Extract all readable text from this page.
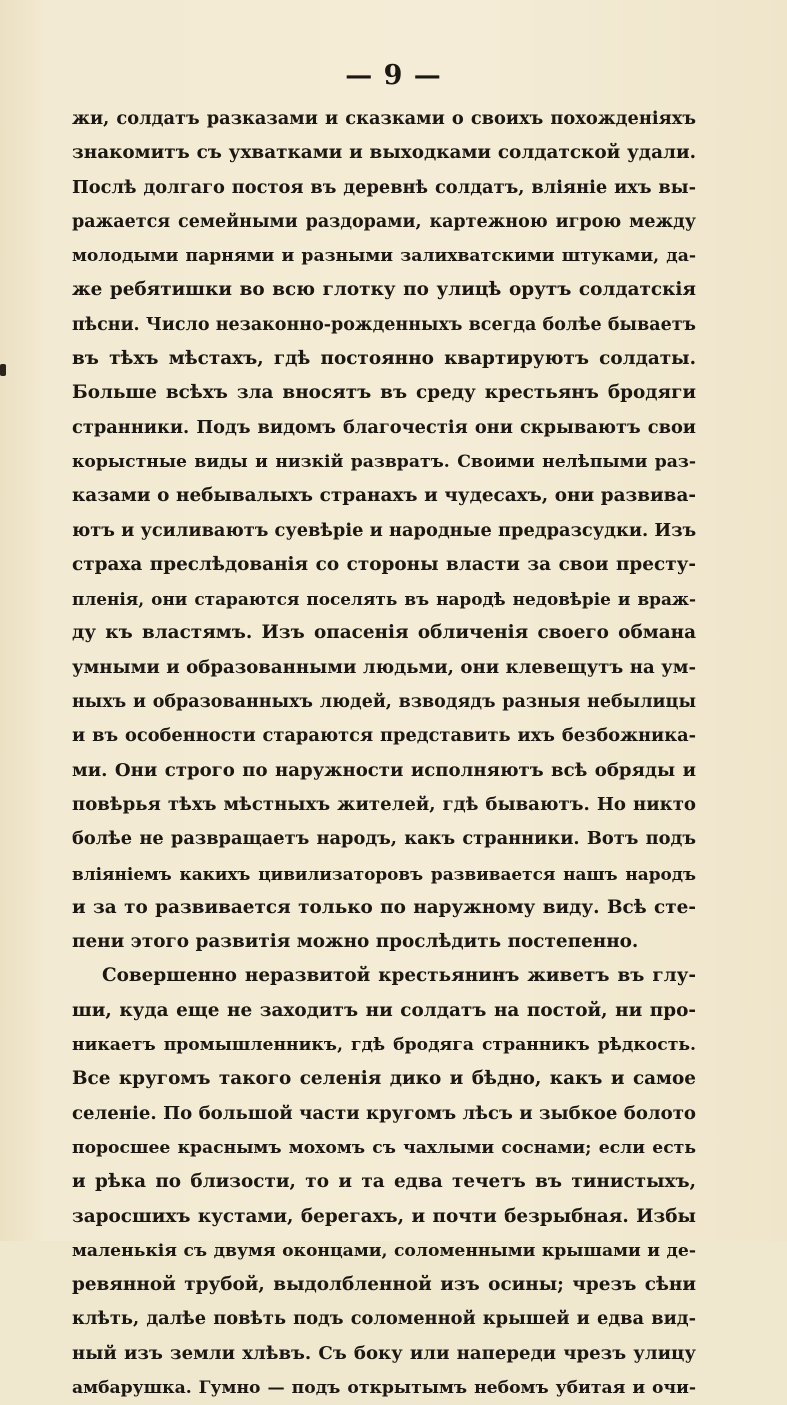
— 9 —
жи, солдатъ разказами и сказками о своихъ похожденіяхъ
знакомитъ съ ухватками и выходками солдатской удали.
Послѣ долгаго постоя въ деревнѣ солдатъ, вліяніе ихъ вы-
ражается семейными раздорами, картежною игрою между
молодыми парнями и разными залихватскими штуками, да-
же ребятишки во всю глотку по улицѣ орутъ солдатскія
пѣсни. Число незаконно-рожденныхъ всегда болѣе бываетъ
въ тѣхъ мѣстахъ, гдѣ постоянно квартируютъ солдаты.
Больше всѣхъ зла вносятъ въ среду крестьянъ бродяги
странники. Подъ видомъ благочестія они скрываютъ свои
корыстные виды и низкій развратъ. Своими нелѣпыми раз-
казами о небывалыхъ странахъ и чудесахъ, они развива-
ютъ и усиливаютъ суевѣріе и народные предразсудки. Изъ
страха преслѣдованія со стороны власти за свои престу-
пленія, они стараются поселять въ народѣ недовѣріе и враж-
ду къ властямъ. Изъ опасенія обличенія своего обмана
умными и образованными людьми, они клевещутъ на ум-
ныхъ и образованныхъ людей, взводядъ разныя небылицы
и въ особенности стараются представить ихъ безбожника-
ми. Они строго по наружности исполняютъ всѣ обряды и
повѣрья тѣхъ мѣстныхъ жителей, гдѣ бываютъ. Но никто
болѣе не развращаетъ народъ, какъ странники. Вотъ подъ
вліяніемъ какихъ цивилизаторовъ развивается нашъ народъ
и за то развивается только по наружному виду. Всѣ сте-
пени этого развитія можно прослѣдить постепенно.
Совершенно неразвитой крестьянинъ живетъ въ глу-
ши, куда еще не заходитъ ни солдатъ на постой, ни про-
никаетъ промышленникъ, гдѣ бродяга странникъ рѣдкость.
Все кругомъ такого селенія дико и бѣдно, какъ и самое
селеніе. По большой части кругомъ лѣсъ и зыбкое болото
поросшее краснымъ мохомъ съ чахлыми соснами; если есть
и рѣка по близости, то и та едва течетъ въ тинистыхъ,
заросшихъ кустами, берегахъ, и почти безрыбная. Избы
маленькія съ двумя оконцами, соломенными крышами и де-
ревянной трубой, выдолбленной изъ осины; чрезъ сѣни
клѣть, далѣе повѣть подъ соломенной крышей и едва вид-
ный изъ земли хлѣвъ. Съ боку или напереди чрезъ улицу
амбарушка. Гумно — подъ открытымъ небомъ убитая и очи-
